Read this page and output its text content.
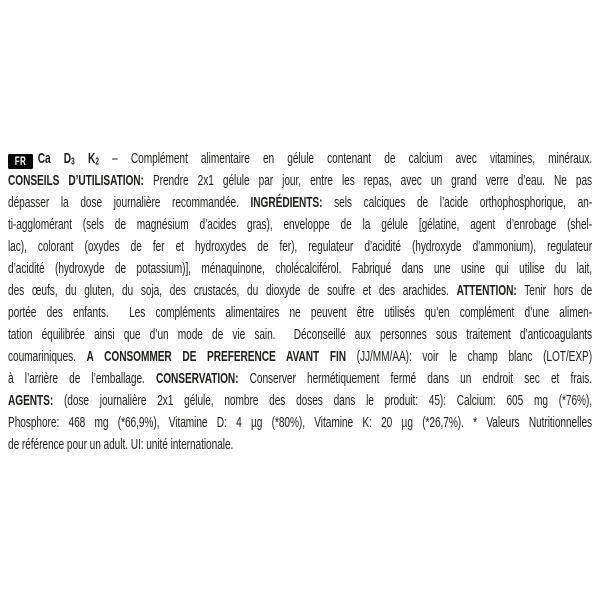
FR Ca D3 K2 – Complément alimentaire en gélule contenant de calcium avec vitamines, minéraux.
CONSEILS D’UTILISATION: Prendre 2x1 gélule par jour, entre les repas, avec un grand verre d’eau. Ne pas
dépasser la dose journalière recommandée. INGRÉDIENTS: sels calciques de l’acide orthophosphorique, an-
ti-agglomérant (sels de magnésium d’acides gras), enveloppe de la gélule [gélatine, agent d’enrobage (shel-
lac), colorant (oxydes de fer et hydroxydes de fer), regulateur d’acidité (hydroxyde d’ammonium), regulateur
d’acidité (hydroxyde de potassium)], ménaquinone, cholécalciférol. Fabriqué dans une usine qui utilise du lait,
des œufs, du gluten, du soja, des crustacés, du dioxyde de soufre et des arachides. ATTENTION: Tenir hors de
portée des enfants.  Les compléments alimentaires ne peuvent être utilisés qu’en complément d’une alimen-
tation équilibrée ainsi que d’un mode de vie sain.  Déconseillé aux personnes sous traitement d’anticoagulants
coumariniques. A CONSOMMER DE PREFERENCE AVANT FIN (JJ/MM/AA): voir le champ blanc (LOT/EXP)
à l’arrière de l’emballage. CONSERVATION: Conserver hermétiquement fermé dans un endroit sec et frais.
AGENTS: (dose journalière 2x1 gélule, nombre des doses dans le produit: 45): Calcium: 605 mg (*76%),
Phosphore: 468 mg (*66,9%), Vitamine D: 4 µg (*80%), Vitamine K: 20 µg (*26,7%). * Valeurs Nutritionnelles
de référence pour un adult. UI: unité internationale.
